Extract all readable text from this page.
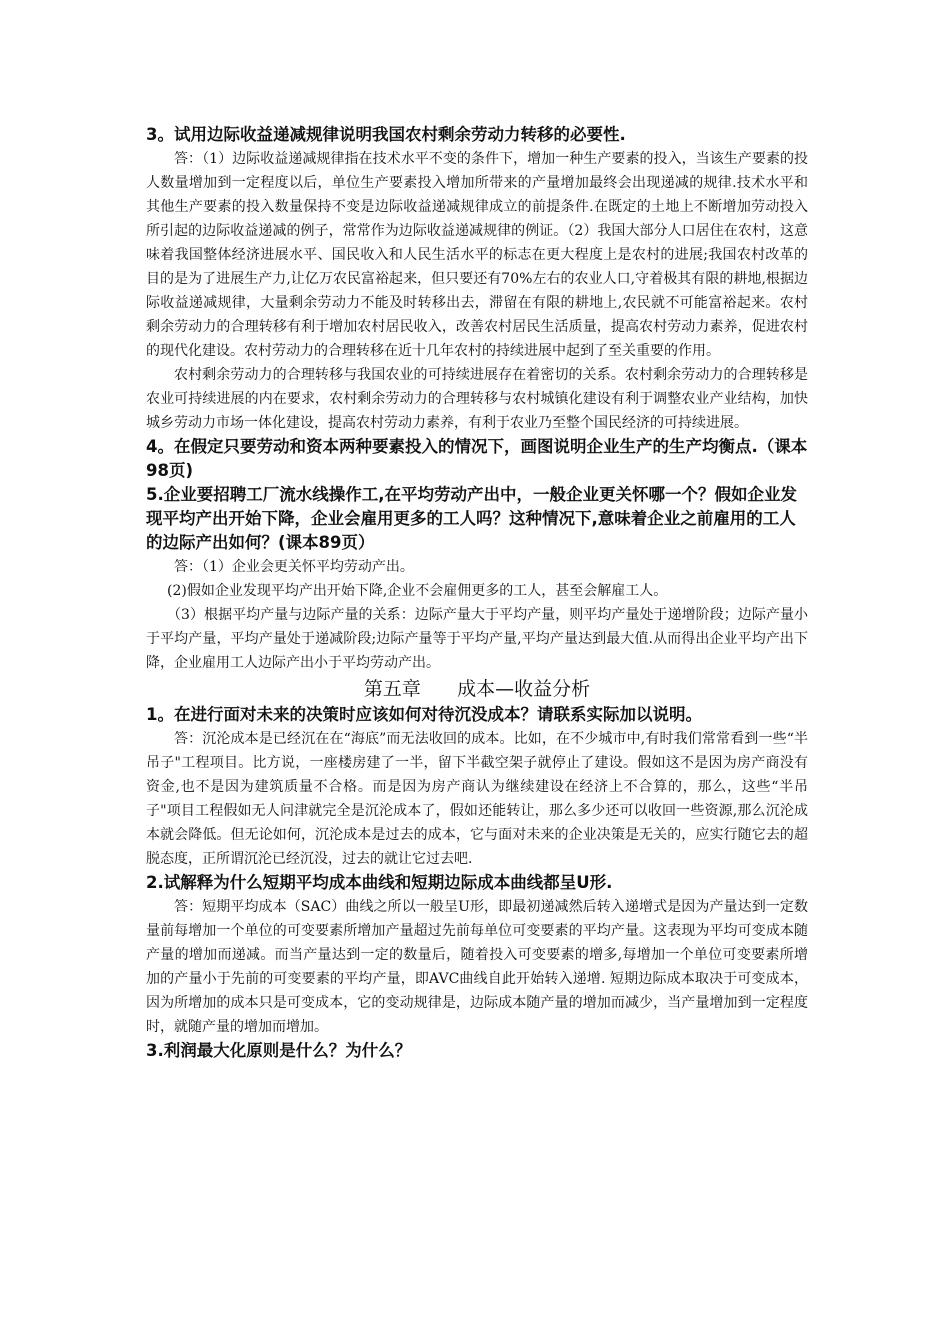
3。试用边际收益递减规律说明我国农村剩余劳动力转移的必要性.

答：（1）边际收益递减规律指在技术水平不变的条件下，增加一种生产要素的投入，当该生产要素的投人数量增加到一定程度以后，单位生产要素投入增加所带来的产量增加最终会出现递减的规律.技术水平和其他生产要素的投入数量保持不变是边际收益递减规律成立的前提条件.在既定的土地上不断增加劳动投入所引起的边际收益递减的例子，常常作为边际收益递减规律的例证。（2）我国大部分人口居住在农村，这意味着我国整体经济进展水平、国民收入和人民生活水平的标志在更大程度上是农村的进展;我国农村改革的目的是为了进展生产力,让亿万农民富裕起来，但只要还有70%左右的农业人口,守着极其有限的耕地,根据边际收益递减规律，大量剩余劳动力不能及时转移出去，滞留在有限的耕地上,农民就不可能富裕起来。农村剩余劳动力的合理转移有利于增加农村居民收入，改善农村居民生活质量，提高农村劳动力素养，促进农村的现代化建设。农村劳动力的合理转移在近十几年农村的持续进展中起到了至关重要的作用。

农村剩余劳动力的合理转移与我国农业的可持续进展存在着密切的关系。农村剩余劳动力的合理转移是农业可持续进展的内在要求，农村剩余劳动力的合理转移与农村城镇化建设有利于调整农业产业结构，加快城乡劳动力市场一体化建设，提高农村劳动力素养，有利于农业乃至整个国民经济的可持续进展。

4。在假定只要劳动和资本两种要素投入的情况下，画图说明企业生产的生产均衡点.（课本98页)

5.企业要招聘工厂流水线操作工,在平均劳动产出中，一般企业更关怀哪一个？假如企业发现平均产出开始下降，企业会雇用更多的工人吗？这种情况下,意味着企业之前雇用的工人的边际产出如何？(课本89页）

答：（1）企业会更关怀平均劳动产出。

(2)假如企业发现平均产出开始下降,企业不会雇佣更多的工人，甚至会解雇工人。

（3）根据平均产量与边际产量的关系：边际产量大于平均产量，则平均产量处于递增阶段；边际产量小于平均产量，平均产量处于递减阶段;边际产量等于平均产量,平均产量达到最大值.从而得出企业平均产出下降，企业雇用工人边际产出小于平均劳动产出。

第五章      成本—收益分析

1。在进行面对未来的决策时应该如何对待沉没成本？请联系实际加以说明。

答：沉沦成本是已经沉在在“海底”而无法收回的成本。比如，在不少城市中,有时我们常常看到一些“半吊子"工程项目。比方说，一座楼房建了一半，留下半截空架子就停止了建设。假如这不是因为房产商没有资金,也不是因为建筑质量不合格。而是因为房产商认为继续建设在经济上不合算的，那么，这些“半吊子"项目工程假如无人问津就完全是沉沦成本了，假如还能转让，那么多少还可以收回一些资源,那么沉沦成本就会降低。但无论如何，沉沦成本是过去的成本，它与面对未来的企业决策是无关的，应实行随它去的超脱态度，正所谓沉沦已经沉没，过去的就让它过去吧.

2.试解释为什么短期平均成本曲线和短期边际成本曲线都呈U形.

答：短期平均成本（SAC）曲线之所以一般呈U形，即最初递减然后转入递增式是因为产量达到一定数量前每增加一个单位的可变要素所增加产量超过先前每单位可变要素的平均产量。这表现为平均可变成本随产量的增加而递减。而当产量达到一定的数量后，随着投入可变要素的增多,每增加一个单位可变要素所增加的产量小于先前的可变要素的平均产量，即AVC曲线自此开始转入递增. 短期边际成本取决于可变成本，因为所增加的成本只是可变成本，它的变动规律是，边际成本随产量的增加而减少，当产量增加到一定程度时，就随产量的增加而增加。

3.利润最大化原则是什么？为什么？
